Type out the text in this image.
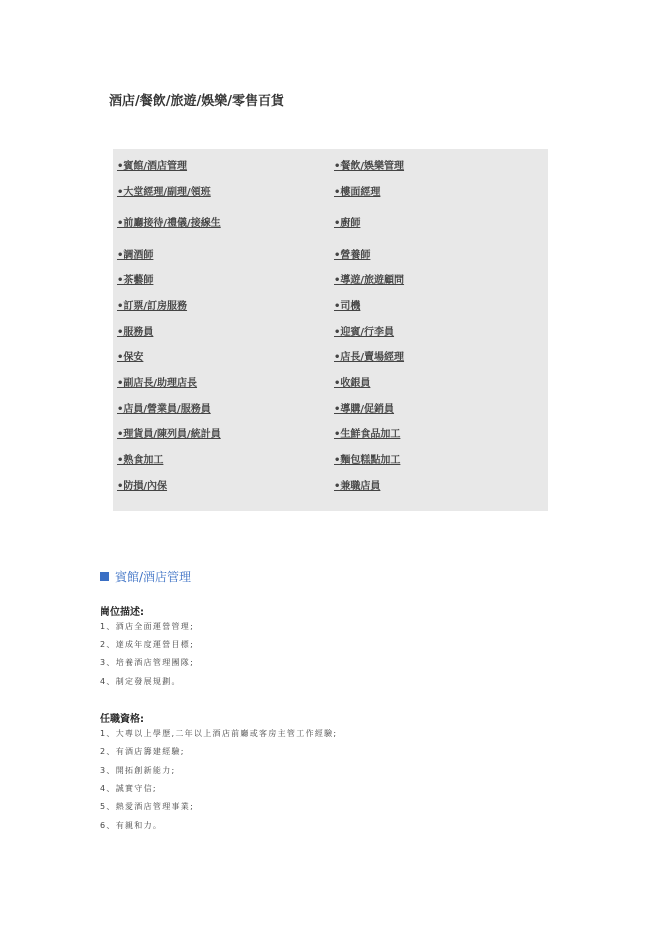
酒店/餐飲/旅遊/娛樂/零售百貨
•賓館/酒店管理	•餐飲/娛樂管理
•大堂經理/副理/領班	•樓面經理
•前廳接待/禮儀/接線生	•廚師
•調酒師	•營養師
•茶藝師	•導遊/旅遊顧問
•訂票/訂房服務	•司機
•服務員	•迎賓/行李員
•保安	•店長/賣場經理
•副店長/助理店長	•收銀員
•店員/營業員/服務員	•導購/促銷員
•理貨員/陳列員/統計員	•生鮮食品加工
•熟食加工	•麵包糕點加工
•防損/內保	•兼職店員
賓館/酒店管理
崗位描述:
1、酒店全面運營管理;
2、達成年度運營目標;
3、培養酒店管理團隊;
4、制定發展規劃。
任職資格:
1、大專以上學歷,二年以上酒店前廳或客房主管工作經驗;
2、有酒店籌建經驗;
3、開拓創新能力;
4、誠實守信;
5、熱愛酒店管理事業;
6、有親和力。
